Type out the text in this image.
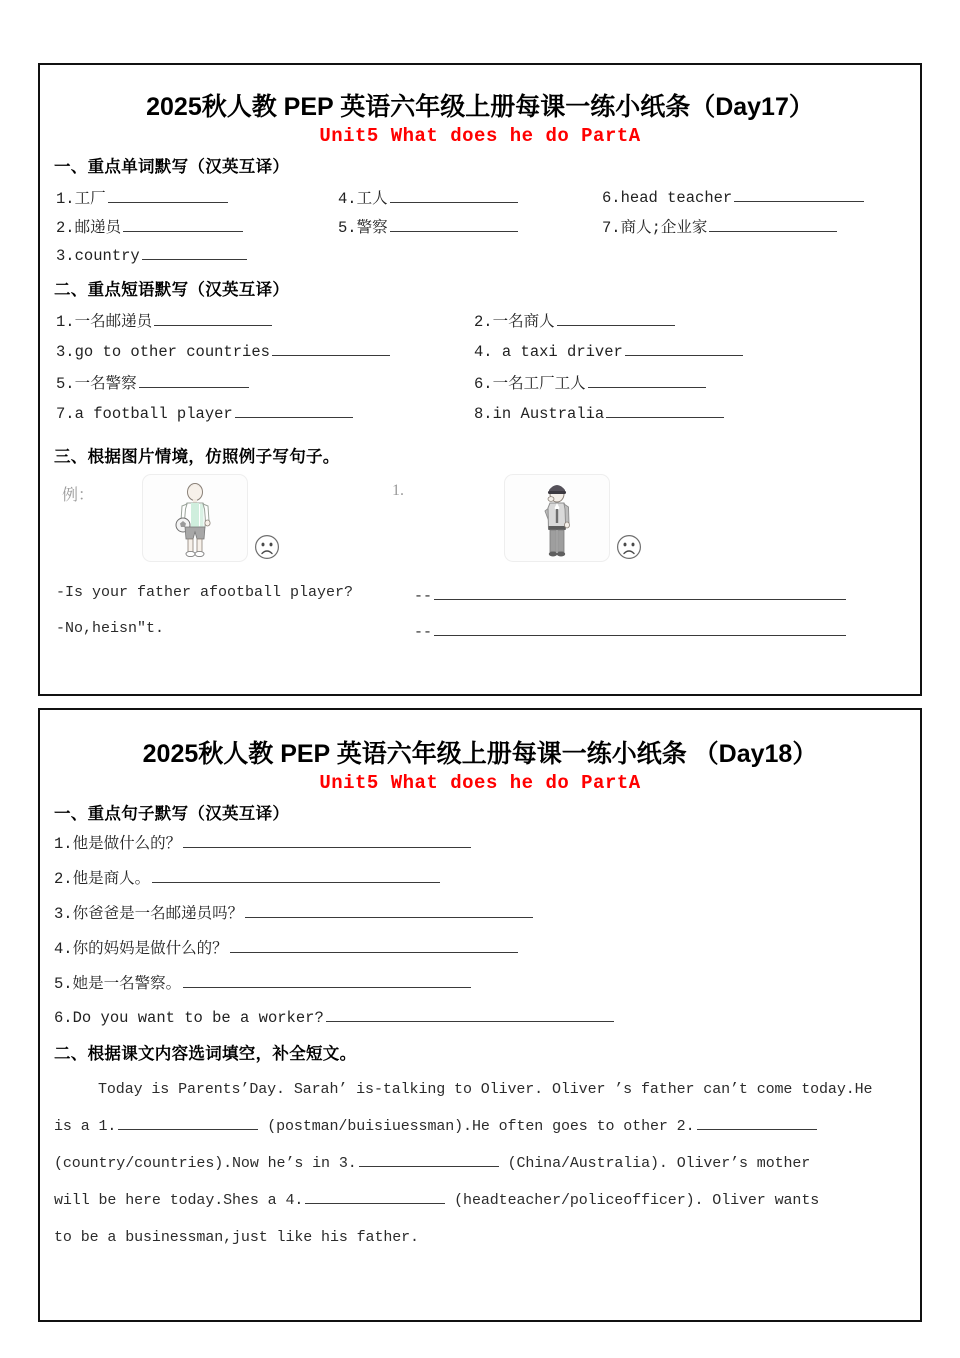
2025秋人教 PEP 英语六年级上册每课一练小纸条（Day17）
Unit5 What does he do PartA
一、重点单词默写（汉英互译）
1.工厂
2.邮递员
3.country
4.工人
5.警察
6.head teacher
7.商人;企业家
二、重点短语默写（汉英互译）
1.一名邮递员	2.一名商人
3.go to other countries	4. a taxi driver
5.一名警察	6.一名工厂工人
7.a football player	8.in Australia
三、根据图片情境，仿照例子写句子。
例：	1.
-Is your father afootball player?	--
-No,heisn"t.	--
2025秋人教 PEP 英语六年级上册每课一练小纸条 （Day18）
Unit5 What does he do PartA
一、重点句子默写（汉英互译）
1.他是做什么的？
2.他是商人。
3.你爸爸是一名邮递员吗？
4.你的妈妈是做什么的？
5.她是一名警察。
6.Do you want to be a worker?
二、根据课文内容选词填空，补全短文。
Today is Parents’Day. Sarah’ is-talking to Oliver. Oliver ’s father can’t come today.He
is a 1.	(postman/buisiuessman).He often goes to other 2.
(country/countries).Now he’s in 3.	(China/Australia). Oliver’s mother
will be here today.Shes a 4.	(headteacher/policeofficer). Oliver wants
to be a businessman,just like his father.
